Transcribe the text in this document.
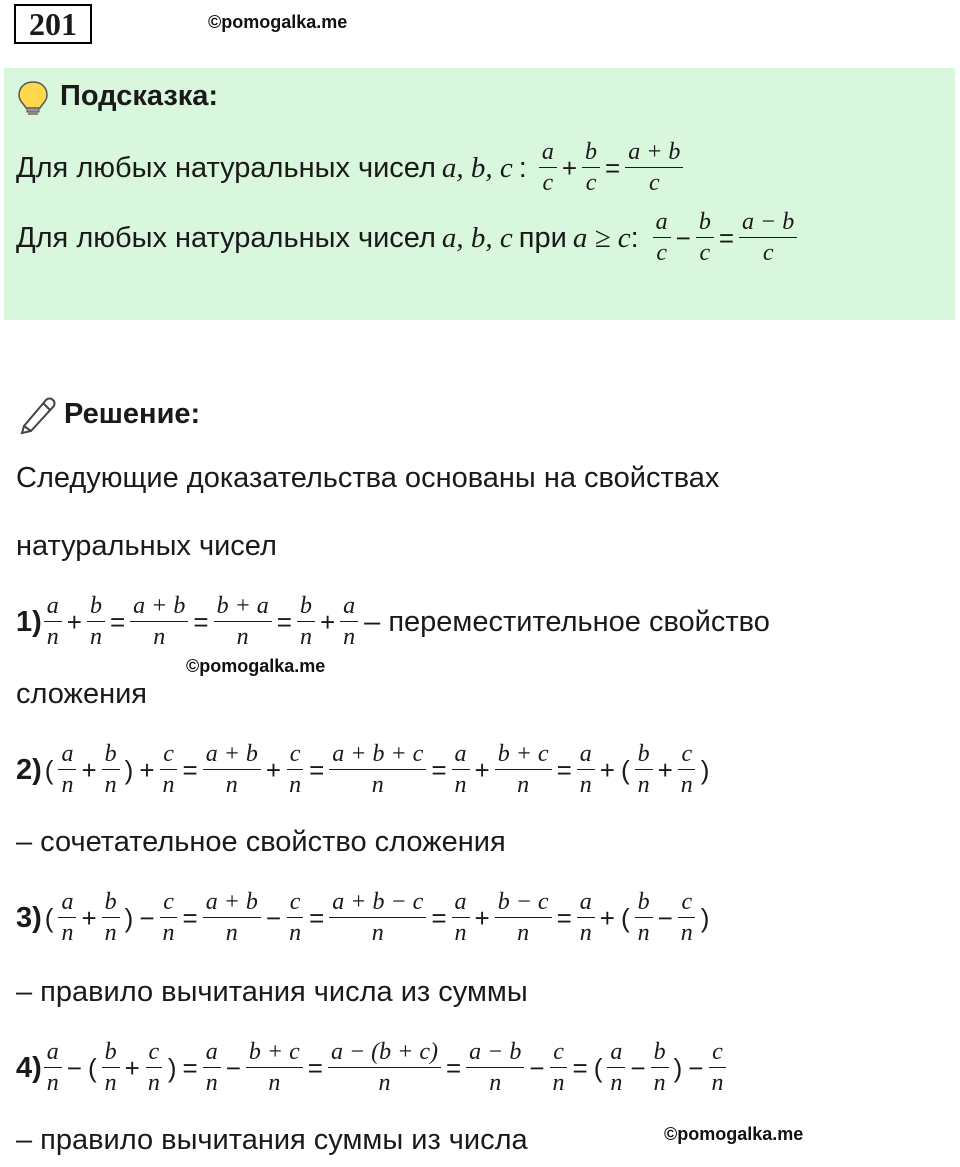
201	©pomogalka.me
Подсказка:
Для любых натуральных чисел a, b, c : $\frac{a}{c} + \frac{b}{c} = \frac{a + b}{c}$
Для любых натуральных чисел a, b, c при a ≥ c : $\frac{a}{c} - \frac{b}{c} = \frac{a - b}{c}$
Решение:
Следующие доказательства основаны на свойствах
натуральных чисел
$1) \frac{a}{n} + \frac{b}{n} = \frac{a + b}{n} = \frac{b + a}{n} = \frac{b}{n} + \frac{a}{n}$ – переместительное свойство
©pomogalka.me
сложения
2) ( $\frac{a}{n} + \frac{b}{n}$ ) + $\frac{c}{n} = \frac{a + b}{n} + \frac{c}{n} = \frac{a + b + c}{n} = \frac{a}{n} + \frac{b + c}{n} = \frac{a}{n}$ + ( $\frac{b}{n} + \frac{c}{n}$ )
– сочетательное свойство сложения
3) ( $\frac{a}{n} + \frac{b}{n}$ ) − $\frac{c}{n} = \frac{a + b}{n} - \frac{c}{n} = \frac{a + b - c}{n} = \frac{a}{n} + \frac{b - c}{n} = \frac{a}{n}$ + ( $\frac{b}{n} - \frac{c}{n}$ )
– правило вычитания числа из суммы
$4) \frac{a}{n}$ − ( $\frac{b}{n} + \frac{c}{n}$ ) = $\frac{a}{n} - \frac{b + c}{n} = \frac{a - (b + c)}{n} = \frac{a - b}{n} - \frac{c}{n}$ = ( $\frac{a}{n} - \frac{b}{n}$ ) − $\frac{c}{n}$
– правило вычитания суммы из числа	©pomogalka.me
